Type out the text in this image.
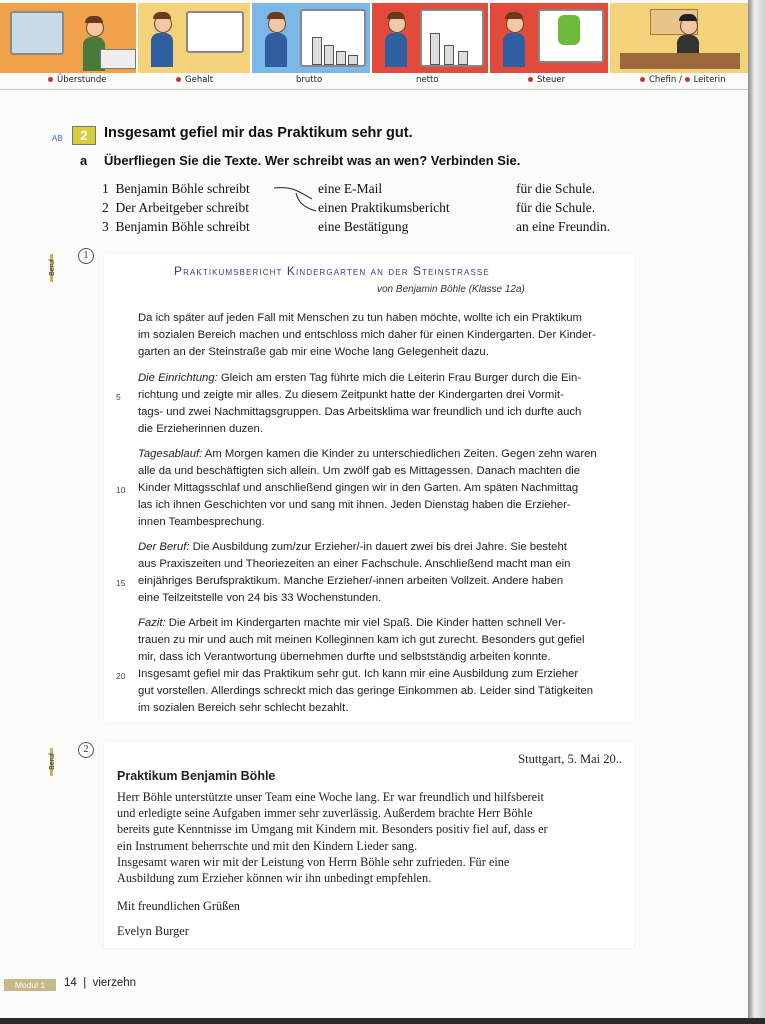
Überstunde	Gehalt	brutto	netto	Steuer	Chefin / Leiterin
AB	2	Insgesamt gefiel mir das Praktikum sehr gut.
a Überfliegen Sie die Texte. Wer schreibt was an wen? Verbinden Sie.
1 Benjamin Böhle schreibt	eine E-Mail	für die Schule.
2 Der Arbeitgeber schreibt	einen Praktikumsbericht	für die Schule.
3 Benjamin Böhle schreibt	eine Bestätigung	an eine Freundin.
Beruf
1
Praktikumsbericht Kindergarten an der Steinstrasse
von Benjamin Böhle (Klasse 12a)
Da ich später auf jeden Fall mit Menschen zu tun haben möchte, wollte ich ein Praktikum
im sozialen Bereich machen und entschloss mich daher für einen Kindergarten. Der Kinder-
garten an der Steinstraße gab mir eine Woche lang Gelegenheit dazu.
Die Einrichtung: Gleich am ersten Tag führte mich die Leiterin Frau Burger durch die Ein-
5 richtung und zeigte mir alles. Zu diesem Zeitpunkt hatte der Kindergarten drei Vormit-
tags- und zwei Nachmittagsgruppen. Das Arbeitsklima war freundlich und ich durfte auch
die Erzieherinnen duzen.
Tagesablauf: Am Morgen kamen die Kinder zu unterschiedlichen Zeiten. Gegen zehn waren
alle da und beschäftigten sich allein. Um zwölf gab es Mittagessen. Danach machten die
10 Kinder Mittagsschlaf und anschließend gingen wir in den Garten. Am späten Nachmittag
las ich ihnen Geschichten vor und sang mit ihnen. Jeden Dienstag haben die Erzieher-
innen Teambesprechung.
Der Beruf: Die Ausbildung zum/zur Erzieher/-in dauert zwei bis drei Jahre. Sie besteht
aus Praxiszeiten und Theoriezeiten an einer Fachschule. Anschließend macht man ein
15 einjähriges Berufspraktikum. Manche Erzieher/-innen arbeiten Vollzeit. Andere haben
eine Teilzeitstelle von 24 bis 33 Wochenstunden.
Fazit: Die Arbeit im Kindergarten machte mir viel Spaß. Die Kinder hatten schnell Ver-
trauen zu mir und auch mit meinen Kolleginnen kam ich gut zurecht. Besonders gut gefiel
mir, dass ich Verantwortung übernehmen durfte und selbstständig arbeiten konnte.
20 Insgesamt gefiel mir das Praktikum sehr gut. Ich kann mir eine Ausbildung zum Erzieher
gut vorstellen. Allerdings schreckt mich das geringe Einkommen ab. Leider sind Tätigkeiten
im sozialen Bereich sehr schlecht bezahlt.
Beruf
2
Stuttgart, 5. Mai 20..
Praktikum Benjamin Böhle
Herr Böhle unterstützte unser Team eine Woche lang. Er war freundlich und hilfsbereit
und erledigte seine Aufgaben immer sehr zuverlässig. Außerdem brachte Herr Böhle
bereits gute Kenntnisse im Umgang mit Kindern mit. Besonders positiv fiel auf, dass er
ein Instrument beherrschte und mit den Kindern Lieder sang.
Insgesamt waren wir mit der Leistung von Herrn Böhle sehr zufrieden. Für eine
Ausbildung zum Erzieher können wir ihn unbedingt empfehlen.
Mit freundlichen Grüßen
Evelyn Burger
Modul 1	14 | vierzehn
